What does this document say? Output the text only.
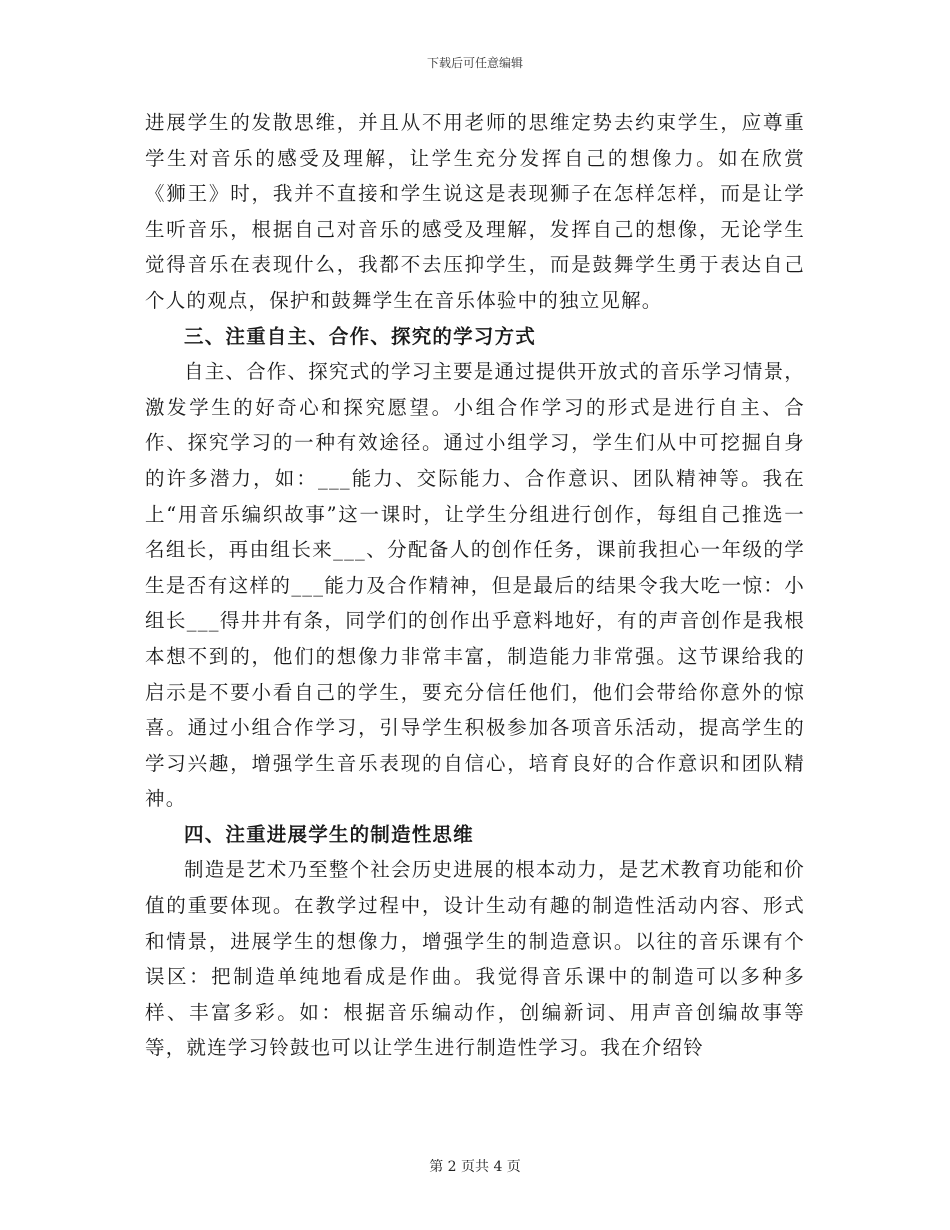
下载后可任意编辑

进展学生的发散思维，并且从不用老师的思维定势去约束学生，应尊重学生对音乐的感受及理解，让学生充分发挥自己的想像力。如在欣赏《狮王》时，我并不直接和学生说这是表现狮子在怎样怎样，而是让学生听音乐，根据自己对音乐的感受及理解，发挥自己的想像，无论学生觉得音乐在表现什么，我都不去压抑学生，而是鼓舞学生勇于表达自己个人的观点，保护和鼓舞学生在音乐体验中的独立见解。

三、注重自主、合作、探究的学习方式

自主、合作、探究式的学习主要是通过提供开放式的音乐学习情景，激发学生的好奇心和探究愿望。小组合作学习的形式是进行自主、合作、探究学习的一种有效途径。通过小组学习，学生们从中可挖掘自身的许多潜力，如：___能力、交际能力、合作意识、团队精神等。我在上“用音乐编织故事”这一课时，让学生分组进行创作，每组自己推选一名组长，再由组长来___、分配备人的创作任务，课前我担心一年级的学生是否有这样的___能力及合作精神，但是最后的结果令我大吃一惊：小组长___得井井有条，同学们的创作出乎意料地好，有的声音创作是我根本想不到的，他们的想像力非常丰富，制造能力非常强。这节课给我的启示是不要小看自己的学生，要充分信任他们，他们会带给你意外的惊喜。通过小组合作学习，引导学生积极参加各项音乐活动，提高学生的学习兴趣，增强学生音乐表现的自信心，培育良好的合作意识和团队精神。

四、注重进展学生的制造性思维

制造是艺术乃至整个社会历史进展的根本动力，是艺术教育功能和价值的重要体现。在教学过程中，设计生动有趣的制造性活动内容、形式和情景，进展学生的想像力，增强学生的制造意识。以往的音乐课有个误区：把制造单纯地看成是作曲。我觉得音乐课中的制造可以多种多样、丰富多彩。如：根据音乐编动作，创编新词、用声音创编故事等等，就连学习铃鼓也可以让学生进行制造性学习。我在介绍铃

第 2 页共 4 页
